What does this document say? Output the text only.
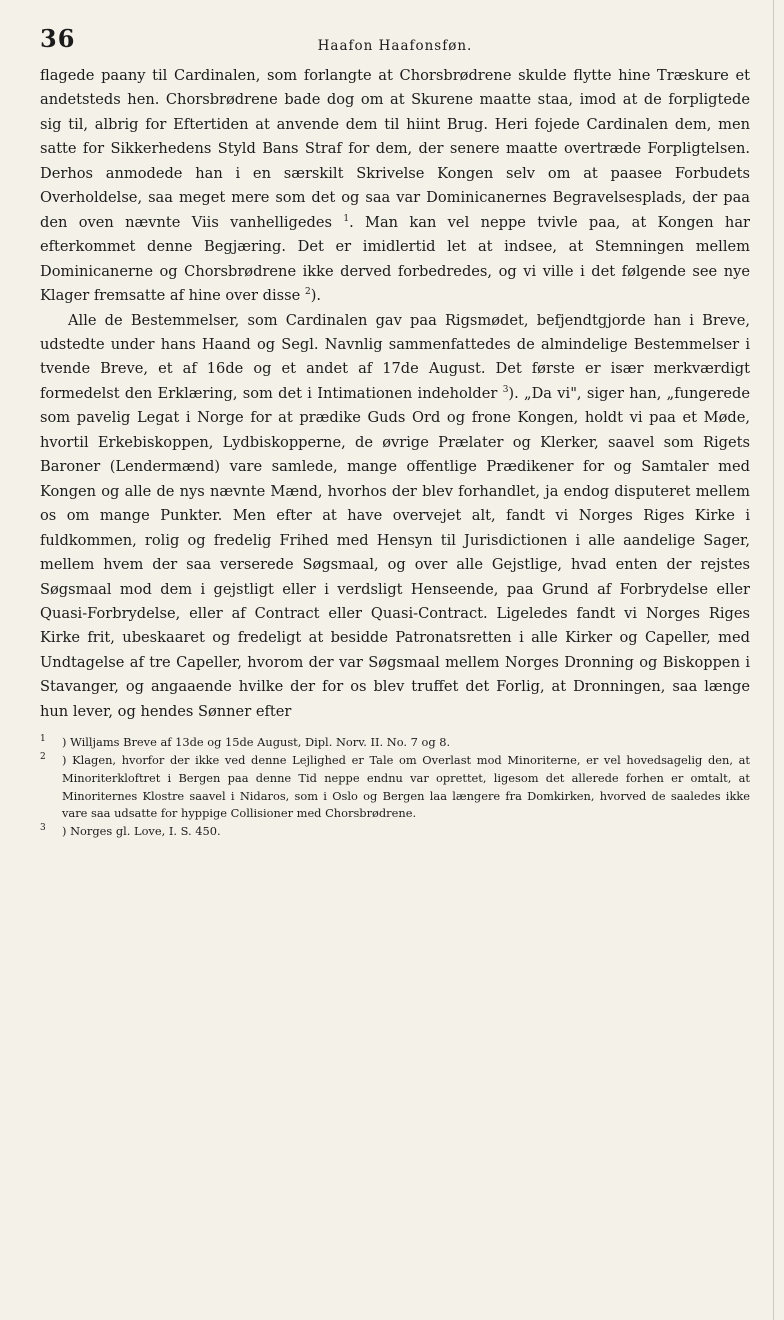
36	Haafon Haafonsføn.

flagede paany til Cardinalen, som forlangte at Chorsbrødrene skulde flytte hine Træskure et andetsteds hen. Chorsbrødrene bade dog om at Skurene maatte staa, imod at de forpligtede sig til, albrig for Eftertiden at anvende dem til hiint Brug. Heri fojede Cardinalen dem, men satte for Sikkerhedens Styld Bans Straf for dem, der senere maatte overtræde Forpligtelsen. Derhos anmodede han i en særskilt Skrivelse Kongen selv om at paasee Forbudets Overholdelse, saa meget mere som det og saa var Dominicanernes Begravelsesplads, der paa den oven nævnte Viis vanhelligedes $^1$. Man kan vel neppe tvivle paa, at Kongen har efterkommet denne Begjæring. Det er imidlertid let at indsee, at Stemningen mellem Dominicanerne og Chorsbrødrene ikke derved forbedredes, og vi ville i det følgende see nye Klager fremsatte af hine over disse $^2$).

Alle de Bestemmelser, som Cardinalen gav paa Rigsmødet, befjendtgjorde han i Breve, udstedte under hans Haand og Segl. Navnlig sammenfattedes de almindelige Bestemmelser i tvende Breve, et af 16de og et andet af 17de August. Det første er især merkværdigt formedelst den Erklæring, som det i Intimationen indeholder $^3$). „Da vi", siger han, „fungerede som pavelig Legat i Norge for at prædike Guds Ord og frone Kongen, holdt vi paa et Møde, hvortil Erkebiskoppen, Lydbiskopperne, de øvrige Prælater og Klerker, saavel som Rigets Baroner (Lendermænd) vare samlede, mange offentlige Prædikener for og Samtaler med Kongen og alle de nys nævnte Mænd, hvorhos der blev forhandlet, ja endog disputeret mellem os om mange Punkter. Men efter at have overvejet alt, fandt vi Norges Riges Kirke i fuldkommen, rolig og fredelig Frihed med Hensyn til Jurisdictionen i alle aandelige Sager, mellem hvem der saa verserede Søgsmaal, og over alle Gejstlige, hvad enten der rejstes Søgsmaal mod dem i gejstligt eller i verdsligt Henseende, paa Grund af Forbrydelse eller Quasi-Forbrydelse, eller af Contract eller Quasi-Contract. Ligeledes fandt vi Norges Riges Kirke frit, ubeskaaret og fredeligt at besidde Patronatsretten i alle Kirker og Capeller, med Undtagelse af tre Capeller, hvorom der var Søgsmaal mellem Norges Dronning og Biskoppen i Stavanger, og angaaende hvilke der for os blev truffet det Forlig, at Dronningen, saa længe hun lever, og hendes Sønner efter

1 ) Willjams Breve af 13de og 15de August, Dipl. Norv. II. No. 7 og 8.

2 ) Klagen, hvorfor der ikke ved denne Lejlighed er Tale om Overlast mod Minoriterne, er vel hovedsagelig den, at Minoriterkloftret i Bergen paa denne Tid neppe endnu var oprettet, ligesom det allerede forhen er omtalt, at Minoriternes Klostre saavel i Nidaros, som i Oslo og Bergen laa længere fra Domkirken, hvorved de saaledes ikke vare saa udsatte for hyppige Collisioner med Chorsbrødrene.

3 ) Norges gl. Love, I. S. 450.
